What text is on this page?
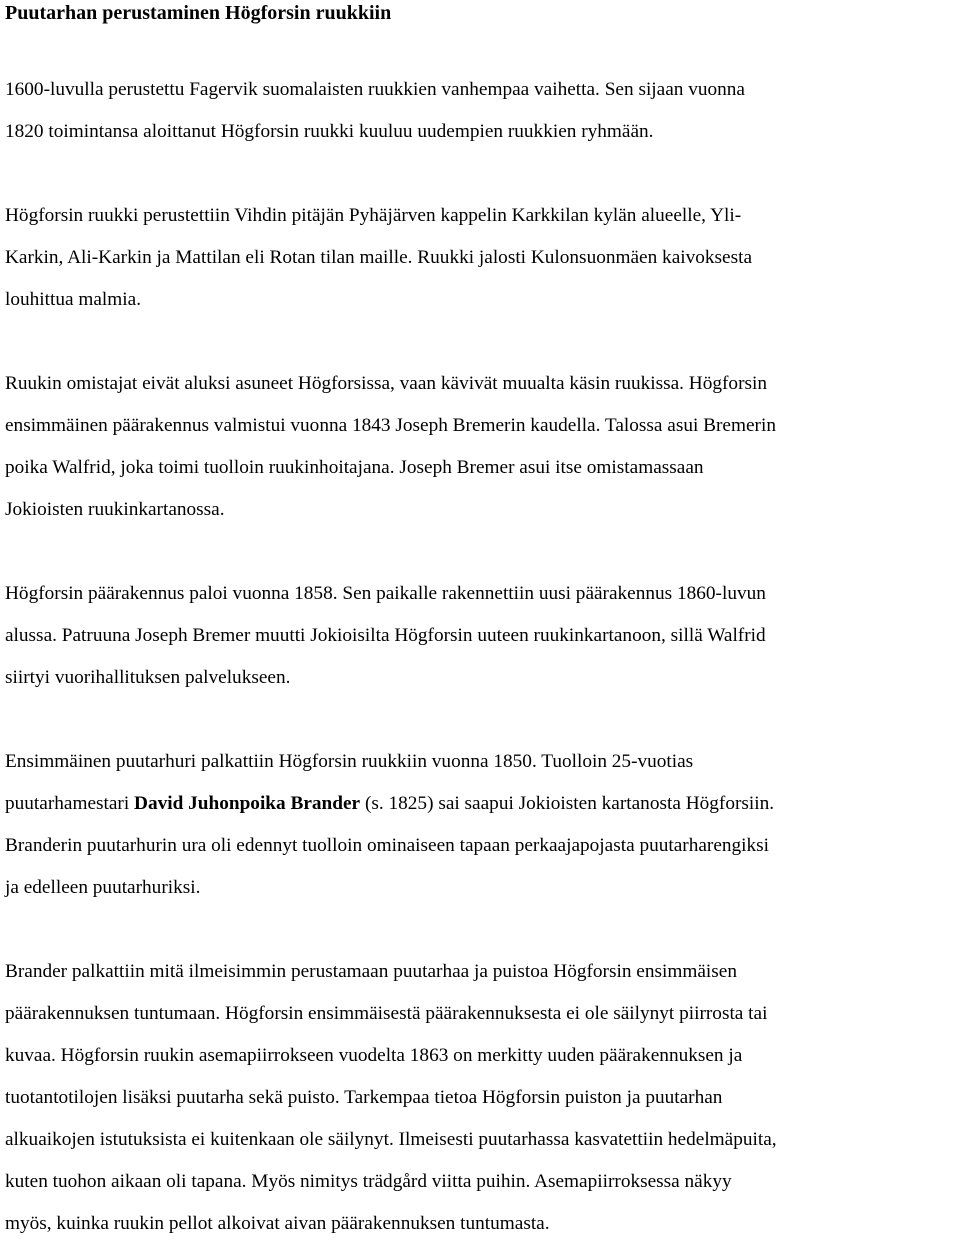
Puutarhan perustaminen Högforsin ruukkiin

1600-luvulla perustettu Fagervik suomalaisten ruukkien vanhempaa vaihetta. Sen sijaan vuonna
1820 toimintansa aloittanut Högforsin ruukki kuuluu uudempien ruukkien ryhmään.

Högforsin ruukki perustettiin Vihdin pitäjän Pyhäjärven kappelin Karkkilan kylän alueelle, Yli-
Karkin, Ali-Karkin ja Mattilan eli Rotan tilan maille. Ruukki jalosti Kulonsuonmäen kaivoksesta
louhittua malmia.

Ruukin omistajat eivät aluksi asuneet Högforsissa, vaan kävivät muualta käsin ruukissa. Högforsin
ensimmäinen päärakennus valmistui vuonna 1843 Joseph Bremerin kaudella. Talossa asui Bremerin
poika Walfrid, joka toimi tuolloin ruukinhoitajana. Joseph Bremer asui itse omistamassaan
Jokioisten ruukinkartanossa.

Högforsin päärakennus paloi vuonna 1858. Sen paikalle rakennettiin uusi päärakennus 1860-luvun
alussa. Patruuna Joseph Bremer muutti Jokioisilta Högforsin uuteen ruukinkartanoon, sillä Walfrid
siirtyi vuorihallituksen palvelukseen.

Ensimmäinen puutarhuri palkattiin Högforsin ruukkiin vuonna 1850. Tuolloin 25-vuotias
puutarhamestari David Juhonpoika Brander (s. 1825) sai saapui Jokioisten kartanosta Högforsiin.
Branderin puutarhurin ura oli edennyt tuolloin ominaiseen tapaan perkaajapojasta puutarharengiksi
ja edelleen puutarhuriksi.

Brander palkattiin mitä ilmeisimmin perustamaan puutarhaa ja puistoa Högforsin ensimmäisen
päärakennuksen tuntumaan. Högforsin ensimmäisestä päärakennuksesta ei ole säilynyt piirrosta tai
kuvaa. Högforsin ruukin asemapiirrokseen vuodelta 1863 on merkitty uuden päärakennuksen ja
tuotantotilojen lisäksi puutarha sekä puisto. Tarkempaa tietoa Högforsin puiston ja puutarhan
alkuaikojen istutuksista ei kuitenkaan ole säilynyt. Ilmeisesti puutarhassa kasvatettiin hedelmäpuita,
kuten tuohon aikaan oli tapana. Myös nimitys trädgård viitta puihin. Asemapiirroksessa näkyy
myös, kuinka ruukin pellot alkoivat aivan päärakennuksen tuntumasta.
